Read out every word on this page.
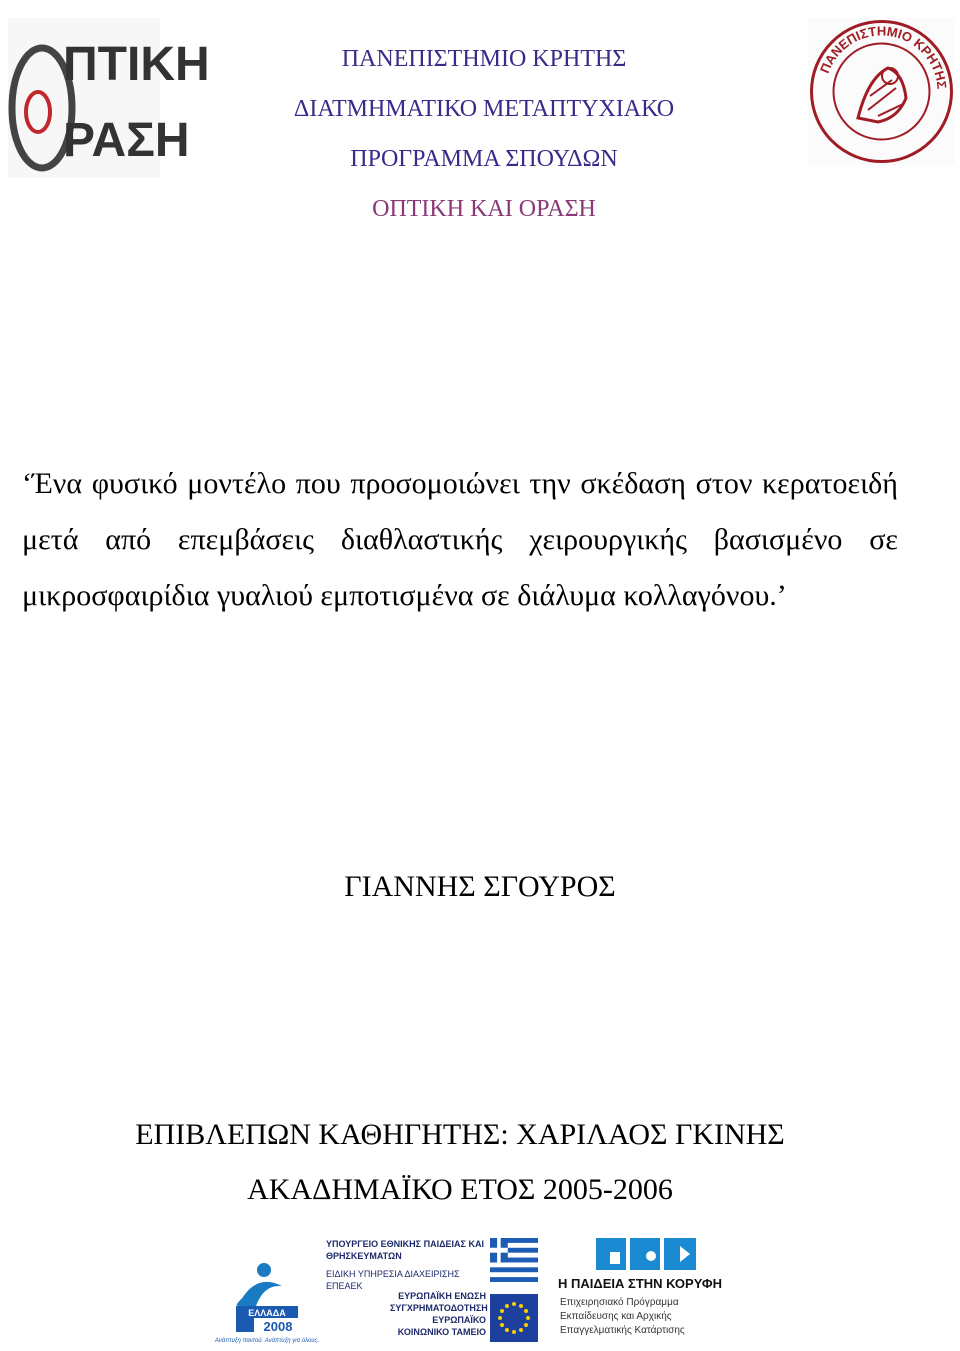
ΠΤΙΚΗ
ΡΑΣΗ
ΠΑΝΕΠΙΣΤΗΜΙΟ ΚΡΗΤΗΣ
ΔΙΑΤΜΗΜΑΤΙΚΟ ΜΕΤΑΠΤΥΧΙΑΚΟ
ΠΡΟΓΡΑΜΜΑ ΣΠΟΥΔΩΝ
ΟΠΤΙΚΗ ΚΑΙ ΟΡΑΣΗ
ΠΑΝΕΠΙΣΤΗΜΙΟ ΚΡΗΤΗΣ
‘Ένα φυσικό μοντέλο που προσομοιώνει την σκέδαση στον κερατοειδή μετά από επεμβάσεις διαθλαστικής χειρουργικής βασισμένο σε μικροσφαιρίδια γυαλιού εμποτισμένα σε διάλυμα κολλαγόνου.’
ΓΙΑΝΝΗΣ ΣΓΟΥΡΟΣ
ΕΠΙΒΛΕΠΩΝ ΚΑΘΗΓΗΤΗΣ: ΧΑΡΙΛΑΟΣ ΓΚΙΝΗΣ
ΑΚΑΔΗΜΑΪΚΟ ΕΤΟΣ 2005-2006
ΕΛΛΑΔΑ
2008
Ανάπτυξη παντού. Ανάπτυξη για όλους.
ΥΠΟΥΡΓΕΙΟ ΕΘΝΙΚΗΣ ΠΑΙΔΕΙΑΣ ΚΑΙ ΘΡΗΣΚΕΥΜΑΤΩΝ
ΕΙΔΙΚΗ ΥΠΗΡΕΣΙΑ ΔΙΑΧΕΙΡΙΣΗΣ ΕΠΕΑΕΚ
ΕΥΡΩΠΑΪΚΗ ΕΝΩΣΗ
ΣΥΓΧΡΗΜΑΤΟΔΟΤΗΣΗ
ΕΥΡΩΠΑΪΚΟ ΚΟΙΝΩΝΙΚΟ ΤΑΜΕΙΟ
Η ΠΑΙΔΕΙΑ ΣΤΗΝ ΚΟΡΥΦΗ
Επιχειρησιακό Πρόγραμμα
Εκπαίδευσης και Αρχικής
Επαγγελματικής Κατάρτισης
